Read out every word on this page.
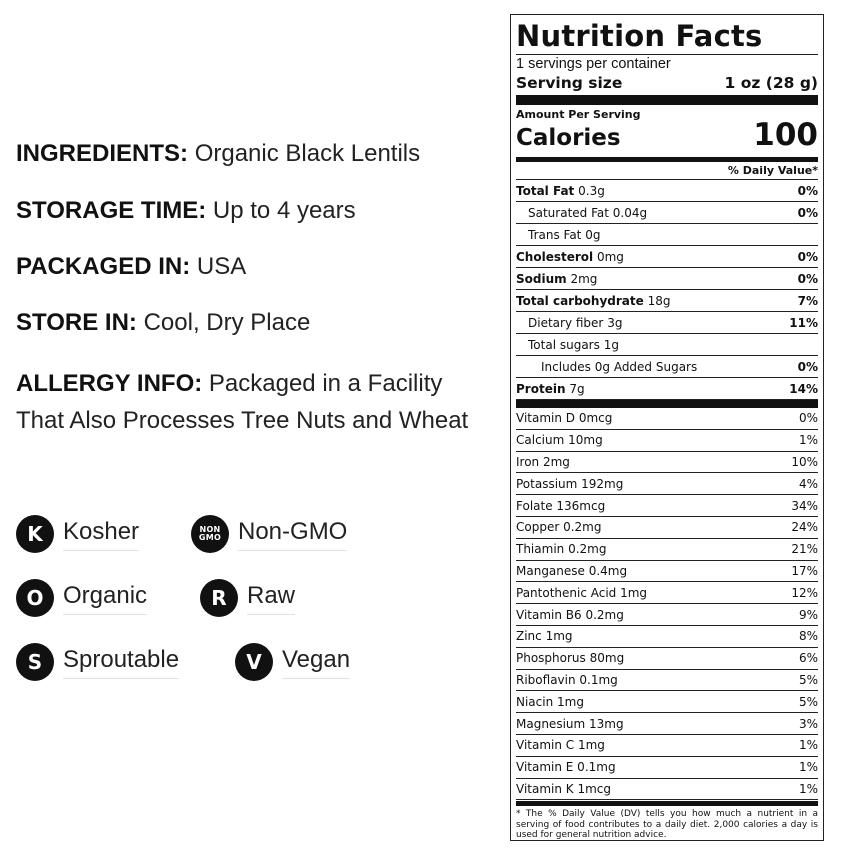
INGREDIENTS: Organic Black Lentils
STORAGE TIME: Up to 4 years
PACKAGED IN: USA
STORE IN: Cool, Dry Place
ALLERGY INFO: Packaged in a Facility That Also Processes Tree Nuts and Wheat
K Kosher	NON
GMO Non-GMO
O Organic	R Raw
S Sproutable	V Vegan
Nutrition Facts
1 servings per container
Serving size	1 oz (28 g)
Amount Per Serving
Calories	100
% Daily Value*
Total Fat 0.3g	0%
Saturated Fat 0.04g	0%
Trans Fat 0g
Cholesterol 0mg	0%
Sodium 2mg	0%
Total carbohydrate 18g	7%
Dietary fiber 3g	11%
Total sugars 1g
Includes 0g Added Sugars	0%
Protein 7g	14%
Vitamin D 0mcg	0%
Calcium 10mg	1%
Iron 2mg	10%
Potassium 192mg	4%
Folate 136mcg	34%
Copper 0.2mg	24%
Thiamin 0.2mg	21%
Manganese 0.4mg	17%
Pantothenic Acid 1mg	12%
Vitamin B6 0.2mg	9%
Zinc 1mg	8%
Phosphorus 80mg	6%
Riboflavin 0.1mg	5%
Niacin 1mg	5%
Magnesium 13mg	3%
Vitamin C 1mg	1%
Vitamin E 0.1mg	1%
Vitamin K 1mcg	1%
* The % Daily Value (DV) tells you how much a nutrient in a serving of food contributes to a daily diet. 2,000 calories a day is used for general nutrition advice.
